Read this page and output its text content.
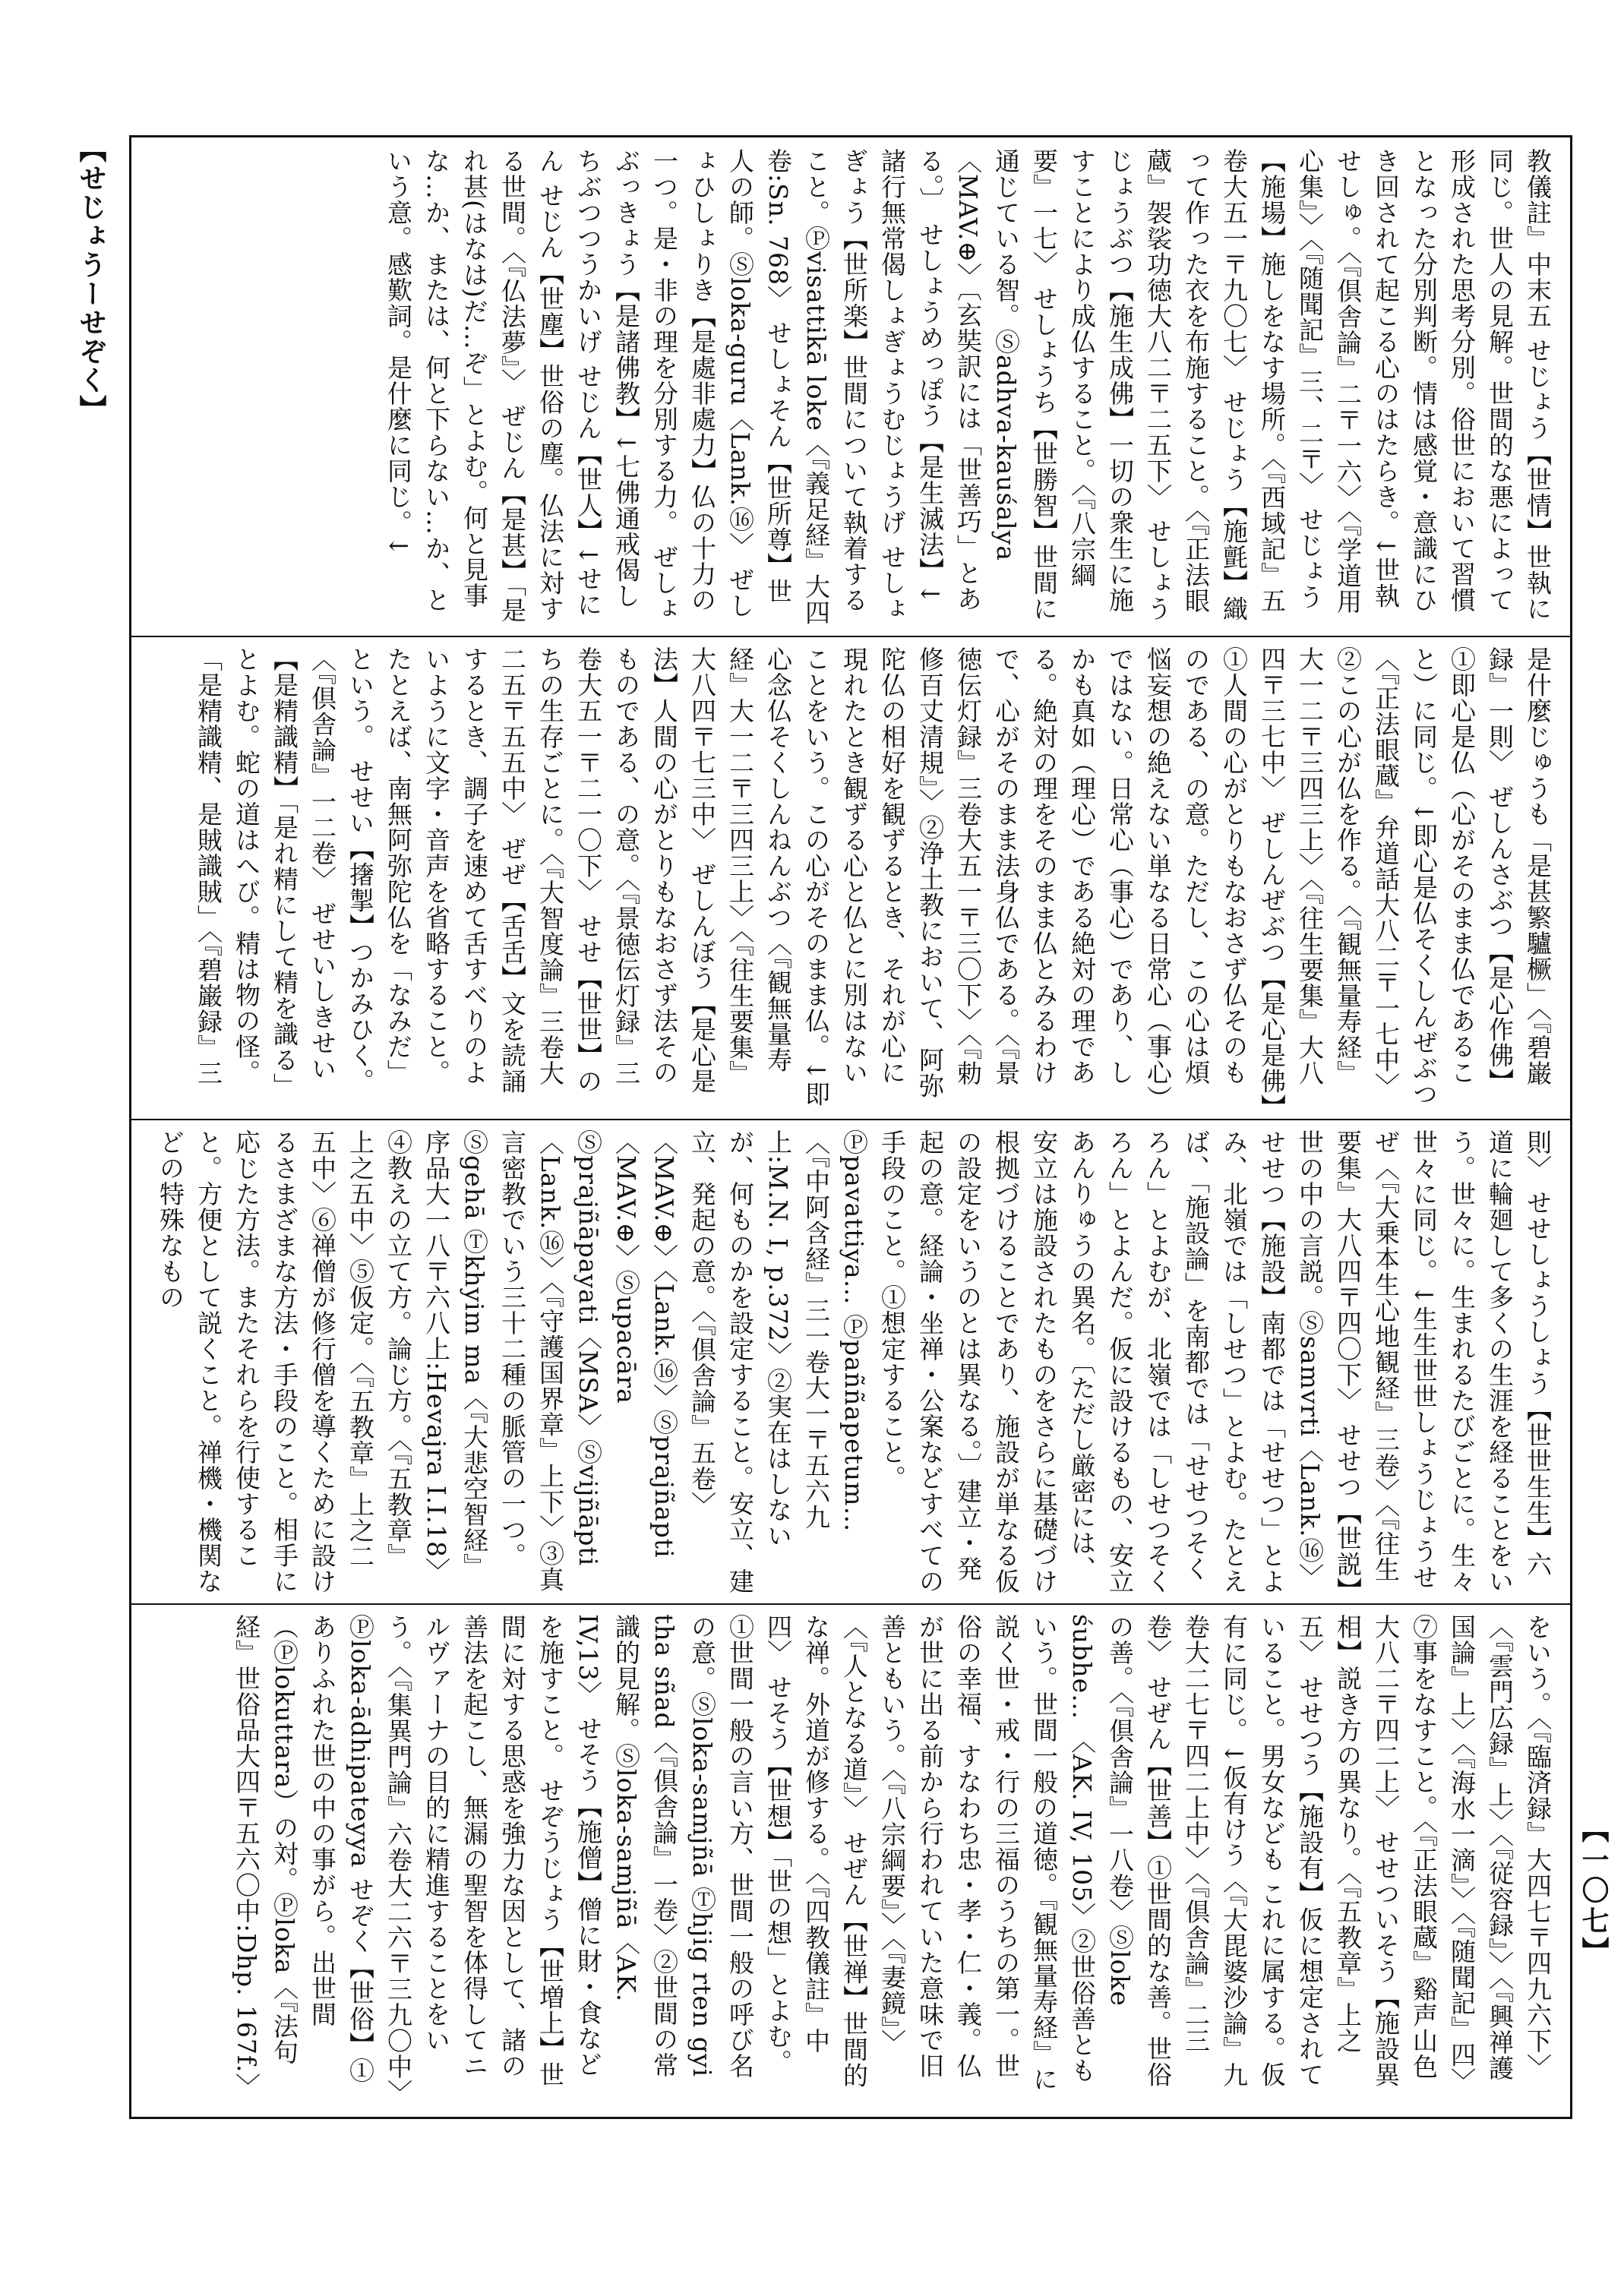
【せじょうーせぞく】
【一〇七】
教儀註』中末五 せじょう【世情】世執に同じ。世人の見解。世間的な悪によって形成された思考分別。俗世において習慣となった分別判断。情は感覚・意識にひき回されて起こる心のはたらき。↓世執せしゅ。〈『倶舎論』二〒一六〉〈『学道用心集』〉〈『随聞記』三、二〒〉 せじょう【施場】施しをなす場所。〈『西域記』五卷大五一〒九〇七〉 せじょう【施氈】織って作った衣を布施すること。〈『正法眼蔵』袈裟功徳大八二〒二五下〉 せしょうじょうぶつ【施生成佛】一切の衆生に施すことにより成仏すること。〈『八宗綱要』一七〉 せしょうち【世勝智】世間に通じている智。Ⓢadhva-kauśalya〈MAV.⊕〉〔玄奘訳には「世善巧」とある。〕 せしょうめっぽう【是生滅法】↓諸行無常偈しょぎょうむじょうげ せしょぎょう【世所楽】世間について執着すること。Ⓟvisattikā loke〈『義足経』大四卷:Sn. 768〉 せしょそん【世所尊】世人の師。Ⓢloka-guru〈Lank.⑯〉 ぜしょひしょりき【是處非處力】仏の十力の一つ。是・非の理を分別する力。 ぜしょぶっきょう【是諸佛教】↓七佛通戒偈しちぶつつうかいげ せじん【世人】↓せにん せじん【世塵】世俗の塵。仏法に対する世間。〈『仏法夢』〉 ぜじん【是甚】「是れ甚(はなは)だ…ぞ」とよむ。何と見事な…か、または、何と下らない…か、という意。感歎詞。是什麼に同じ。↓
是什麼じゅうも「是甚繁驢橛」〈『碧巌録』一則〉 ぜしんさぶつ【是心作佛】①即心是仏（心がそのまま仏であること）に同じ。↓即心是仏そくしんぜぶつ〈『正法眼蔵』弁道話大八二〒一七中〉②この心が仏を作る。〈『観無量寿経』大一二〒三四三上〉〈『往生要集』大八四〒三七中〉 ぜしんぜぶつ【是心是佛】①人間の心がとりもなおさず仏そのものである、の意。ただし、この心は煩悩妄想の絶えない単なる日常心（事心）ではない。日常心（事心）であり、しかも真如（理心）である絶対の理である。絶対の理をそのまま仏とみるわけで、心がそのまま法身仏である。〈『景徳伝灯録』三卷大五一〒三〇下〉〈『勅修百丈清規』〉②浄土教において、阿弥陀仏の相好を観ずるとき、それが心に現れたとき観ずる心と仏とに別はないことをいう。この心がそのまま仏。↓即心念仏そくしんねんぶつ〈『観無量寿経』大一二〒三四三上〉〈『往生要集』大八四〒七三中〉 ぜしんぼう【是心是法】人間の心がとりもなおさず法そのものである、の意。〈『景徳伝灯録』三卷大五一〒二一〇下〉 せせ【世世】のちの生存ごとに。〈『大智度論』三卷大二五〒五五中〉 ぜぜ【舌舌】文を読誦するとき、調子を速めて舌すべりのよいように文字・音声を省略すること。たとえば、南無阿弥陀仏を「なみだ」という。 せせい【撦掣】つかみひく。〈『倶舎論』一二卷〉 ぜせいしきせい【是精識精】「是れ精にして精を識る」とよむ。蛇の道はへび。精は物の怪。「是精識精、是賊識賊」〈『碧巌録』三
則〉 せせしょうしょう【世世生生】六道に輪廻して多くの生涯を経ることをいう。世々に。生まれるたびごとに。生々世々に同じ。↓生生世世しょうじょうせぜ〈『大乗本生心地観経』三卷〉〈『往生要集』大八四〒四〇下〉 せせつ【世説】世の中の言説。Ⓢsamvrti〈Lank.⑯〉 せせつ【施設】南都では「せせつ」とよみ、北嶺では「しせつ」とよむ。たとえば、「施設論」を南都では「せせつそくろん」とよむが、北嶺では「しせつそくろん」とよんだ。仮に設けるもの、安立あんりゅうの異名。〔ただし厳密には、安立は施設されたものをさらに基礎づけ根拠づけることであり、施設が単なる仮の設定をいうのとは異なる。〕建立・発起の意。経論・坐禅・公案などすべての手段のこと。①想定すること。Ⓟpavattiya… Ⓟpaññapetum…〈『中阿含経』三一卷大一〒五六九上:M.N. I, p.372〉②実在はしないが、何ものかを設定すること。安立、建立、発起の意。〈『倶舎論』五卷〉〈MAV.⊕〉〈Lank.⑯〉Ⓢprajñapti〈MAV.⊕〉Ⓢupacāra Ⓢprajñāpayati〈MSA〉Ⓢvijñāpti〈Lank.⑯〉〈『守護国界章』上下〉③真言密教でいう三十二種の脈管の一つ。Ⓢgehā Ⓣkhyim ma〈『大悲空智経』序品大一八〒六八上:Hevajra I.I.18〉④教えの立て方。論じ方。〈『五教章』上之五中〉⑤仮定。〈『五教章』上之二五中〉⑥禅僧が修行僧を導くために設けるさまざまな方法・手段のこと。相手に応じた方法。またそれらを行使すること。方便として説くこと。禅機・機関などの特殊なもの
をいう。〈『臨済録』大四七〒四九六下〉〈『雲門広録』上〉〈『従容録』〉〈『興禅護国論』上〉〈『海水一滴』〉〈『随聞記』四〉⑦事をなすこと。〈『正法眼蔵』谿声山色大八二〒四二上〉 せせついそう【施設異相】説き方の異なり。〈『五教章』上之五〉 せせつう【施設有】仮に想定されていること。男女なども これに属する。仮有に同じ。↓仮有けう〈『大毘婆沙論』九卷大二七〒四二上中〉〈『倶舎論』二三卷〉 せぜん【世善】①世間的な善。世俗の善。〈『倶舎論』一八卷〉Ⓢloke śubhe… 〈AK. IV, 105〉②世俗善ともいう。世間一般の道徳。『観無量寿経』に説く世・戒・行の三福のうちの第一。世俗の幸福、すなわち忠・孝・仁・義。仏が世に出る前から行われていた意味で旧善ともいう。〈『八宗綱要』〉〈『妻鏡』〉〈『人となる道』〉 せぜん【世禅】世間的な禅。外道が修する。〈『四教儀註』中四〉 せそう【世想】「世の想」とよむ。①世間一般の言い方、世間一般の呼び名の意。Ⓢloka-samjñā Ⓣhjig rten gyi tha sñad〈『倶舎論』一卷〉②世間の常識的見解。Ⓢloka-samjñā〈AK. IV,13〉 せそう【施僧】僧に財・食などを施すこと。 せぞうじょう【世増上】世間に対する思惑を強力な因として、諸の善法を起こし、無漏の聖智を体得してニルヴァーナの目的に精進することをいう。〈『集異門論』六卷大二六〒三九〇中〉Ⓟloka-ādhipateyya せぞく【世俗】①ありふれた世の中の事がら。出世間（Ⓟlokuttara）の対。Ⓟloka〈『法句経』世俗品大四〒五六〇中:Dhp. 167f.〉
